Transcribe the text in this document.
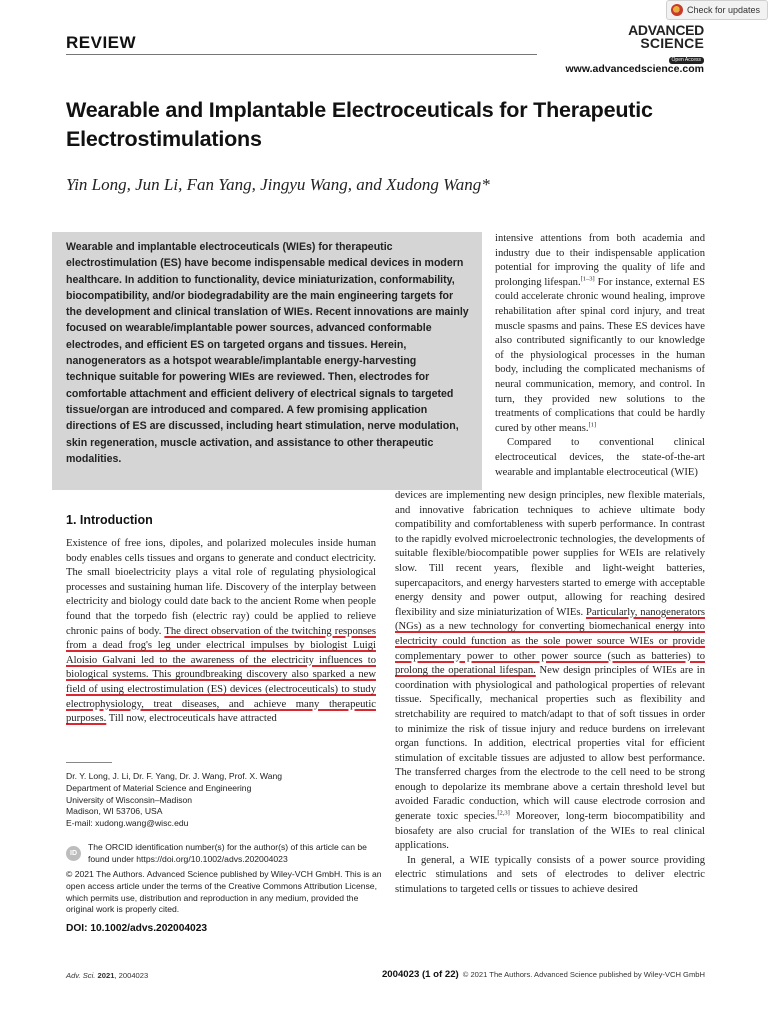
REVIEW
Check for updates
ADVANCED
SCIENCE
Open Access
www.advancedscience.com
Wearable and Implantable Electroceuticals for Therapeutic Electrostimulations
Yin Long, Jun Li, Fan Yang, Jingyu Wang, and Xudong Wang*

Wearable and implantable electroceuticals (WIEs) for therapeutic electrostimulation (ES) have become indispensable medical devices in modern healthcare. In addition to functionality, device miniaturization, conformability, biocompatibility, and/or biodegradability are the main engineering targets for the development and clinical translation of WIEs. Recent innovations are mainly focused on wearable/implantable power sources, advanced conformable electrodes, and efficient ES on targeted organs and tissues. Herein, nanogenerators as a hotspot wearable/implantable energy-harvesting technique suitable for powering WIEs are reviewed. Then, electrodes for comfortable attachment and efficient delivery of electrical signals to targeted tissue/organ are introduced and compared. A few promising application directions of ES are discussed, including heart stimulation, nerve modulation, skin regeneration, muscle activation, and assistance to other therapeutic modalities.

intensive attentions from both academia and industry due to their indispensable application potential for improving the quality of life and prolonging lifespan.[1–3] For instance, external ES could accelerate chronic wound healing, improve rehabilitation after spinal cord injury, and treat muscle spasms and pains. These ES devices have also contributed significantly to our knowledge of the physiological processes in the human body, including the complicated mechanisms of neural communication, memory, and control. In turn, they provided new solutions to the treatments of complications that could be hardly cured by other means.[1]

Compared to conventional clinical electroceutical devices, the state-of-the-art wearable and implantable electroceutical (WIE)

devices are implementing new design principles, new flexible materials, and innovative fabrication techniques to achieve ultimate body compatibility and comfortableness with superb performance. In contrast to the rapidly evolved microelectronic technologies, the developments of suitable flexible/biocompatible power supplies for WEIs are relatively slow. Till recent years, flexible and light-weight batteries, supercapacitors, and energy harvesters started to emerge with acceptable energy density and power output, allowing for reaching desired flexibility and size miniaturization of WIEs. Particularly, nanogenerators (NGs) as a new technology for converting biomechanical energy into electricity could function as the sole power source WIEs or provide complementary power to other power source (such as batteries) to prolong the operational lifespan. New design principles of WIEs are in coordination with physiological and pathological properties of relevant tissue. Specifically, mechanical properties such as flexibility and stretchability are required to match/adapt to that of soft tissues in order to minimize the risk of tissue injury and reduce burdens on irrelevant organ functions. In addition, electrical properties vital for efficient stimulation of excitable tissues are adjusted to allow best performance. The transferred charges from the electrode to the cell need to be strong enough to depolarize its membrane above a certain threshold level but avoided Faradic conduction, which will cause electrode corrosion and generate toxic species.[2,3] Moreover, long-term biocompatibility and biosafety are also crucial for translation of the WIEs to real clinical applications.

In general, a WIE typically consists of a power source providing electric stimulations and sets of electrodes to deliver electric stimulations to targeted cells or tissues to achieve desired

1. Introduction

Existence of free ions, dipoles, and polarized molecules inside human body enables cells tissues and organs to generate and conduct electricity. The small bioelectricity plays a vital role of regulating physiological processes and sustaining human life. Discovery of the interplay between electricity and biology could date back to the ancient Rome when people found that the torpedo fish (electric ray) could be applied to relieve chronic pains of body. The direct observation of the twitching responses from a dead frog's leg under electrical impulses by biologist Luigi Aloisio Galvani led to the awareness of the electricity influences to biological systems. This groundbreaking discovery also sparked a new field of using electrostimulation (ES) devices (electroceuticals) to study electrophysiology, treat diseases, and achieve many therapeutic purposes. Till now, electroceuticals have attracted

Dr. Y. Long, J. Li, Dr. F. Yang, Dr. J. Wang, Prof. X. Wang
Department of Material Science and Engineering
University of Wisconsin–Madison
Madison, WI 53706, USA
E-mail: xudong.wang@wisc.edu
ID
The ORCID identification number(s) for the author(s) of this article can be found under https://doi.org/10.1002/advs.202004023
© 2021 The Authors. Advanced Science published by Wiley-VCH GmbH. This is an open access article under the terms of the Creative Commons Attribution License, which permits use, distribution and reproduction in any medium, provided the original work is properly cited.
DOI: 10.1002/advs.202004023
Adv. Sci. 2021, 2004023	2004023 (1 of 22) © 2021 The Authors. Advanced Science published by Wiley-VCH GmbH
